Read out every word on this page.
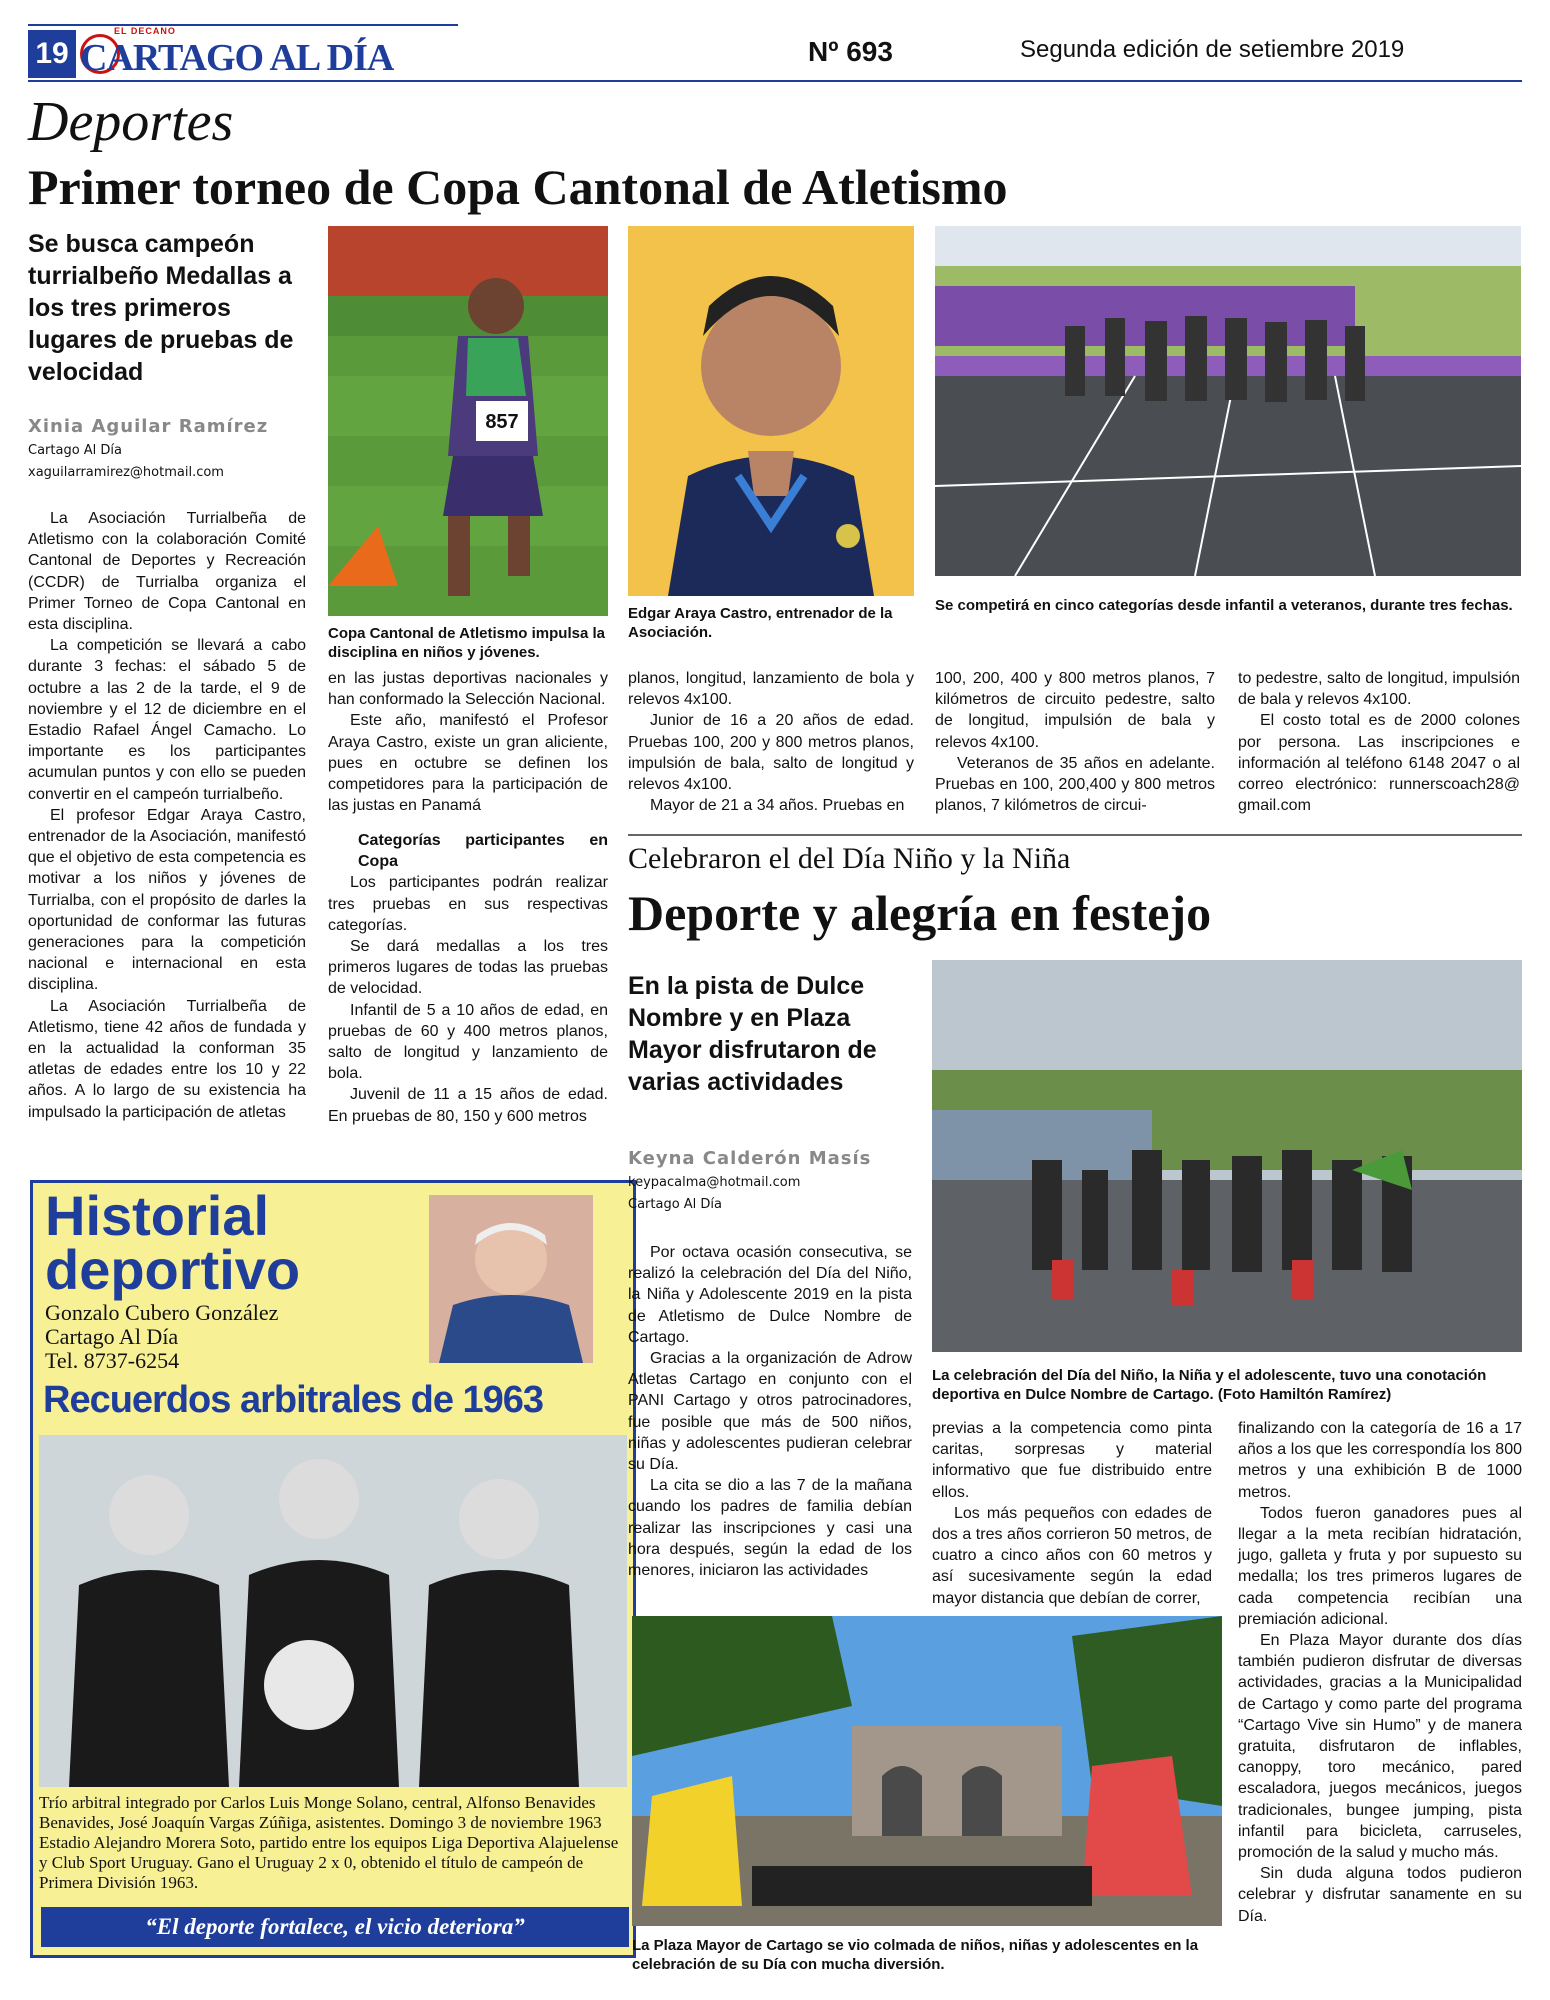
19
EL DECANO
CARTAGO AL DÍA	Nº 693	Segunda edición de setiembre 2019
Deportes
Primer torneo de Copa Cantonal de Atletismo
Se busca campeón turrialbeño Medallas a los tres primeros lugares de pruebas de velocidad
Xinia Aguilar Ramírez
Cartago Al Día
xaguilarramirez@hotmail.com

La Asociación Turrialbeña de Atletismo con la colaboración Comité Cantonal de Deportes y Recreación (CCDR) de Turrialba organiza el Primer Torneo de Copa Cantonal en esta disciplina.

La competición se llevará a cabo durante 3 fechas: el sábado 5 de octubre a las 2 de la tarde, el 9 de noviembre y el 12 de diciembre en el Estadio Rafael Ángel Camacho. Lo importante es los participantes acumulan puntos y con ello se pueden convertir en el campeón turrialbeño.

El profesor Edgar Araya Castro, entrenador de la Asociación, manifestó que el objetivo de esta competencia es motivar a los niños y jóvenes de Turrialba, con el propósito de darles la oportunidad de conformar las futuras generaciones para la competición nacional e internacional en esta disciplina.

La Asociación Turrialbeña de Atletismo, tiene 42 años de fundada y en la actualidad la conforman 35 atletas de edades entre los 10 y 22 años. A lo largo de su existencia ha impulsado la participación de atletas

857
Copa Cantonal de Atletismo impulsa la disciplina en niños y jóvenes.
Edgar Araya Castro, entrenador de la Asociación.
Se competirá en cinco categorías desde infantil a veteranos, durante tres fechas.

en las justas deportivas nacionales y han conformado la Selección Nacional.

Este año, manifestó el Profesor Araya Castro, existe un gran aliciente, pues en octubre se definen los competidores para la participación de las justas en Panamá

Categorías participantes en Copa

Los participantes podrán realizar tres pruebas en sus respectivas categorías.

Se dará medallas a los tres primeros lugares de todas las pruebas de velocidad.

Infantil de 5 a 10 años de edad, en pruebas de 60 y 400 metros planos, salto de longitud y lanzamiento de bola.

Juvenil de 11 a 15 años de edad. En pruebas de 80, 150 y 600 metros

planos, longitud, lanzamiento de bola y relevos 4x100.

Junior de 16 a 20 años de edad. Pruebas 100, 200 y 800 metros planos, impulsión de bala, salto de longitud y relevos 4x100.

Mayor de 21 a 34 años. Pruebas en

100, 200, 400 y 800 metros planos, 7 kilómetros de circuito pedestre, salto de longitud, impulsión de bala y relevos 4x100.

Veteranos de 35 años en adelante. Pruebas en 100, 200,400 y 800 metros planos, 7 kilómetros de circui-

to pedestre, salto de longitud, impulsión de bala y relevos 4x100.

El costo total es de 2000 colones por persona. Las inscripciones e información al teléfono 6148 2047 o al correo electrónico: runnerscoach28@ gmail.com

Historial
deportivo
Gonzalo Cubero González
Cartago Al Día
Tel. 8737-6254
Recuerdos arbitrales de 1963
Trío arbitral integrado por Carlos Luis Monge Solano, central, Alfonso Benavides Benavides, José Joaquín Vargas Zúñiga, asistentes. Domingo 3 de noviembre 1963 Estadio Alejandro Morera Soto, partido entre los equipos Liga Deportiva Alajuelense y Club Sport Uruguay. Gano el Uruguay 2 x 0, obtenido el título de campeón de Primera División 1963.
“El deporte fortalece, el vicio deteriora”
Celebraron el del Día Niño y la Niña
Deporte y alegría en festejo
En la pista de Dulce Nombre y en Plaza Mayor disfrutaron de varias actividades
Keyna Calderón Masís
keypacalma@hotmail.com
Cartago Al Día

Por octava ocasión consecutiva, se realizó la celebración del Día del Niño, la Niña y Adolescente 2019 en la pista de Atletismo de Dulce Nombre de Cartago.

Gracias a la organización de Adrow Atletas Cartago en conjunto con el PANI Cartago y otros patrocinadores, fue posible que más de 500 niños, niñas y adolescentes pudieran celebrar su Día.

La cita se dio a las 7 de la mañana cuando los padres de familia debían realizar las inscripciones y casi una hora después, según la edad de los menores, iniciaron las actividades

La celebración del Día del Niño, la Niña y el adolescente, tuvo una conotación deportiva en Dulce Nombre de Cartago. (Foto Hamiltón Ramírez)

previas a la competencia como pinta caritas, sorpresas y material informativo que fue distribuido entre ellos.

Los más pequeños con edades de dos a tres años corrieron 50 metros, de cuatro a cinco años con 60 metros y así sucesivamente según la edad mayor distancia que debían de correr,

finalizando con la categoría de 16 a 17 años a los que les correspondía los 800 metros y una exhibición B de 1000 metros.

Todos fueron ganadores pues al llegar a la meta recibían hidratación, jugo, galleta y fruta y por supuesto su medalla; los tres primeros lugares de cada competencia recibían una premiación adicional.

En Plaza Mayor durante dos días también pudieron disfrutar de diversas actividades, gracias a la Municipalidad de Cartago y como parte del programa “Cartago Vive sin Humo” y de manera gratuita, disfrutaron de inflables, canoppy, toro mecánico, pared escaladora, juegos mecánicos, juegos tradicionales, bungee jumping, pista infantil para bicicleta, carruseles, promoción de la salud y mucho más.

Sin duda alguna todos pudieron celebrar y disfrutar sanamente en su Día.

La Plaza Mayor de Cartago se vio colmada de niños, niñas y adolescentes en la celebración de su Día con mucha diversión.
